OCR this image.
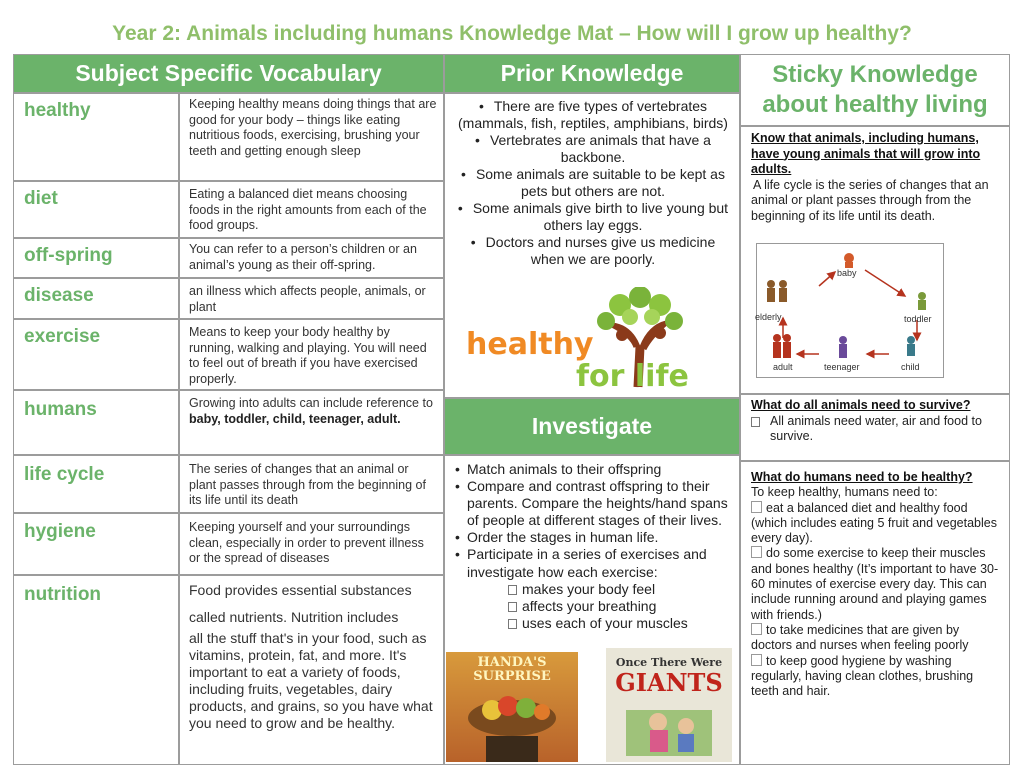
Year 2: Animals including humans Knowledge Mat – How will I grow up healthy?
Subject Specific Vocabulary	Prior Knowledge	Sticky Knowledge about healthy living
healthy	Keeping healthy means doing things that are good for your body – things like eating nutritious foods, exercising, brushing your teeth and getting enough sleep
diet	Eating a balanced diet means choosing foods in the right amounts from each of the food groups.
off-spring	You can refer to a person’s children or an animal’s young as their off-spring.
disease	an illness which affects people, animals, or plant
exercise	Means to keep your body healthy by running, walking and playing. You will need to feel out of breath if you have exercised properly.
humans	Growing into adults can include reference to baby, toddler, child, teenager, adult.
life cycle	The series of changes that an animal or plant passes through from the beginning of its life until its death
hygiene	Keeping yourself and your surroundings clean, especially in order to prevent illness or the spread of diseases
nutrition	Food provides essential substances
called nutrients. Nutrition includes
all the stuff that's in your food, such as vitamins, protein, fat, and more. It's important to eat a variety of foods, including fruits, vegetables, dairy products, and grains, so you have what you need to grow and be healthy.
• There are five types of vertebrates (mammals, fish, reptiles, amphibians, birds)
• Vertebrates are animals that have a backbone.
• Some animals are suitable to be kept as pets but others are not.
• Some animals give birth to live young but others lay eggs.
• Doctors and nurses give us medicine when we are poorly.
healthy
for life
Investigate
• Match animals to their offspring
• Compare and contrast offspring to their parents. Compare the heights/hand spans of people at different stages of their lives.
• Order the stages in human life.
• Participate in a series of exercises and investigate how each exercise:
makes your body feel
affects your breathing
uses each of your muscles
HANDA'S SURPRISE
Once There Were
GIANTS
Know that animals, including humans, have young animals that will grow into adults.
A life cycle is the series of changes that an animal or plant passes through from the beginning of its life until its death.
baby
toddler
child
teenager
adult
elderly
What do all animals need to survive?
All animals need water, air and food to survive.
What do humans need to be healthy?
To keep healthy, humans need to:
eat a balanced diet and healthy food (which includes eating 5 fruit and vegetables every day).
do some exercise to keep their muscles and bones healthy (It’s important to have 30-60 minutes of exercise every day. This can include running around and playing games with friends.)
to take medicines that are given by doctors and nurses when feeling poorly
to keep good hygiene by washing regularly, having clean clothes, brushing teeth and hair.
